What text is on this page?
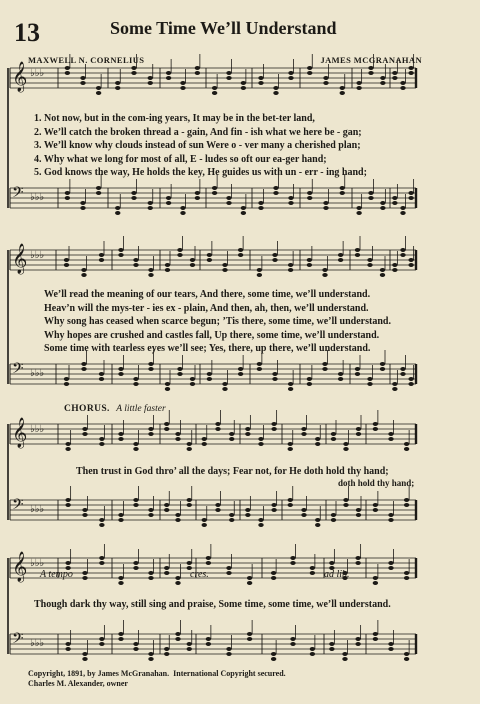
13	Some Time We’ll Understand
MAXWELL N. CORNELIUS	JAMES MCGRANAHAN
𝄞 ♭♭♭
𝄢 ♭♭♭
𝄞 ♭♭♭
𝄢 ♭♭♭
𝄞 ♭♭♭
𝄢 ♭♭♭
𝄞 ♭♭♭
𝄢 ♭♭♭
1. Not now, but in the com-ing years, It may be in the bet-ter land,
2. We’ll catch the broken thread a - gain, And fin - ish what we here be - gan;
3. We’ll know why clouds instead of sun Were o - ver many a cherished plan;
4. Why what we long for most of all, E - ludes so oft our ea-ger hand;
5. God knows the way, He holds the key, He guides us with un - err - ing hand;
We’ll read the meaning of our tears, And there, some time, we’ll understand.
Heav’n will the mys-ter - ies ex - plain, And then, ah, then, we’ll understand.
Why song has ceased when scarce begun; ’Tis there, some time, we’ll understand.
Why hopes are crushed and castles fall, Up there, some time, we’ll understand.
Some time with tearless eyes we’ll see; Yes, there, up there, we’ll understand.
CHORUS. A little faster
Then trust in God thro’ all the days; Fear not, for He doth hold thy hand;
doth hold thy hand;
A tempo	cres.	ad lib.
Though dark thy way, still sing and praise, Some time, some time, we’ll understand.
Copyright, 1891, by James McGranahan. International Copyright secured.
Charles M. Alexander, owner
